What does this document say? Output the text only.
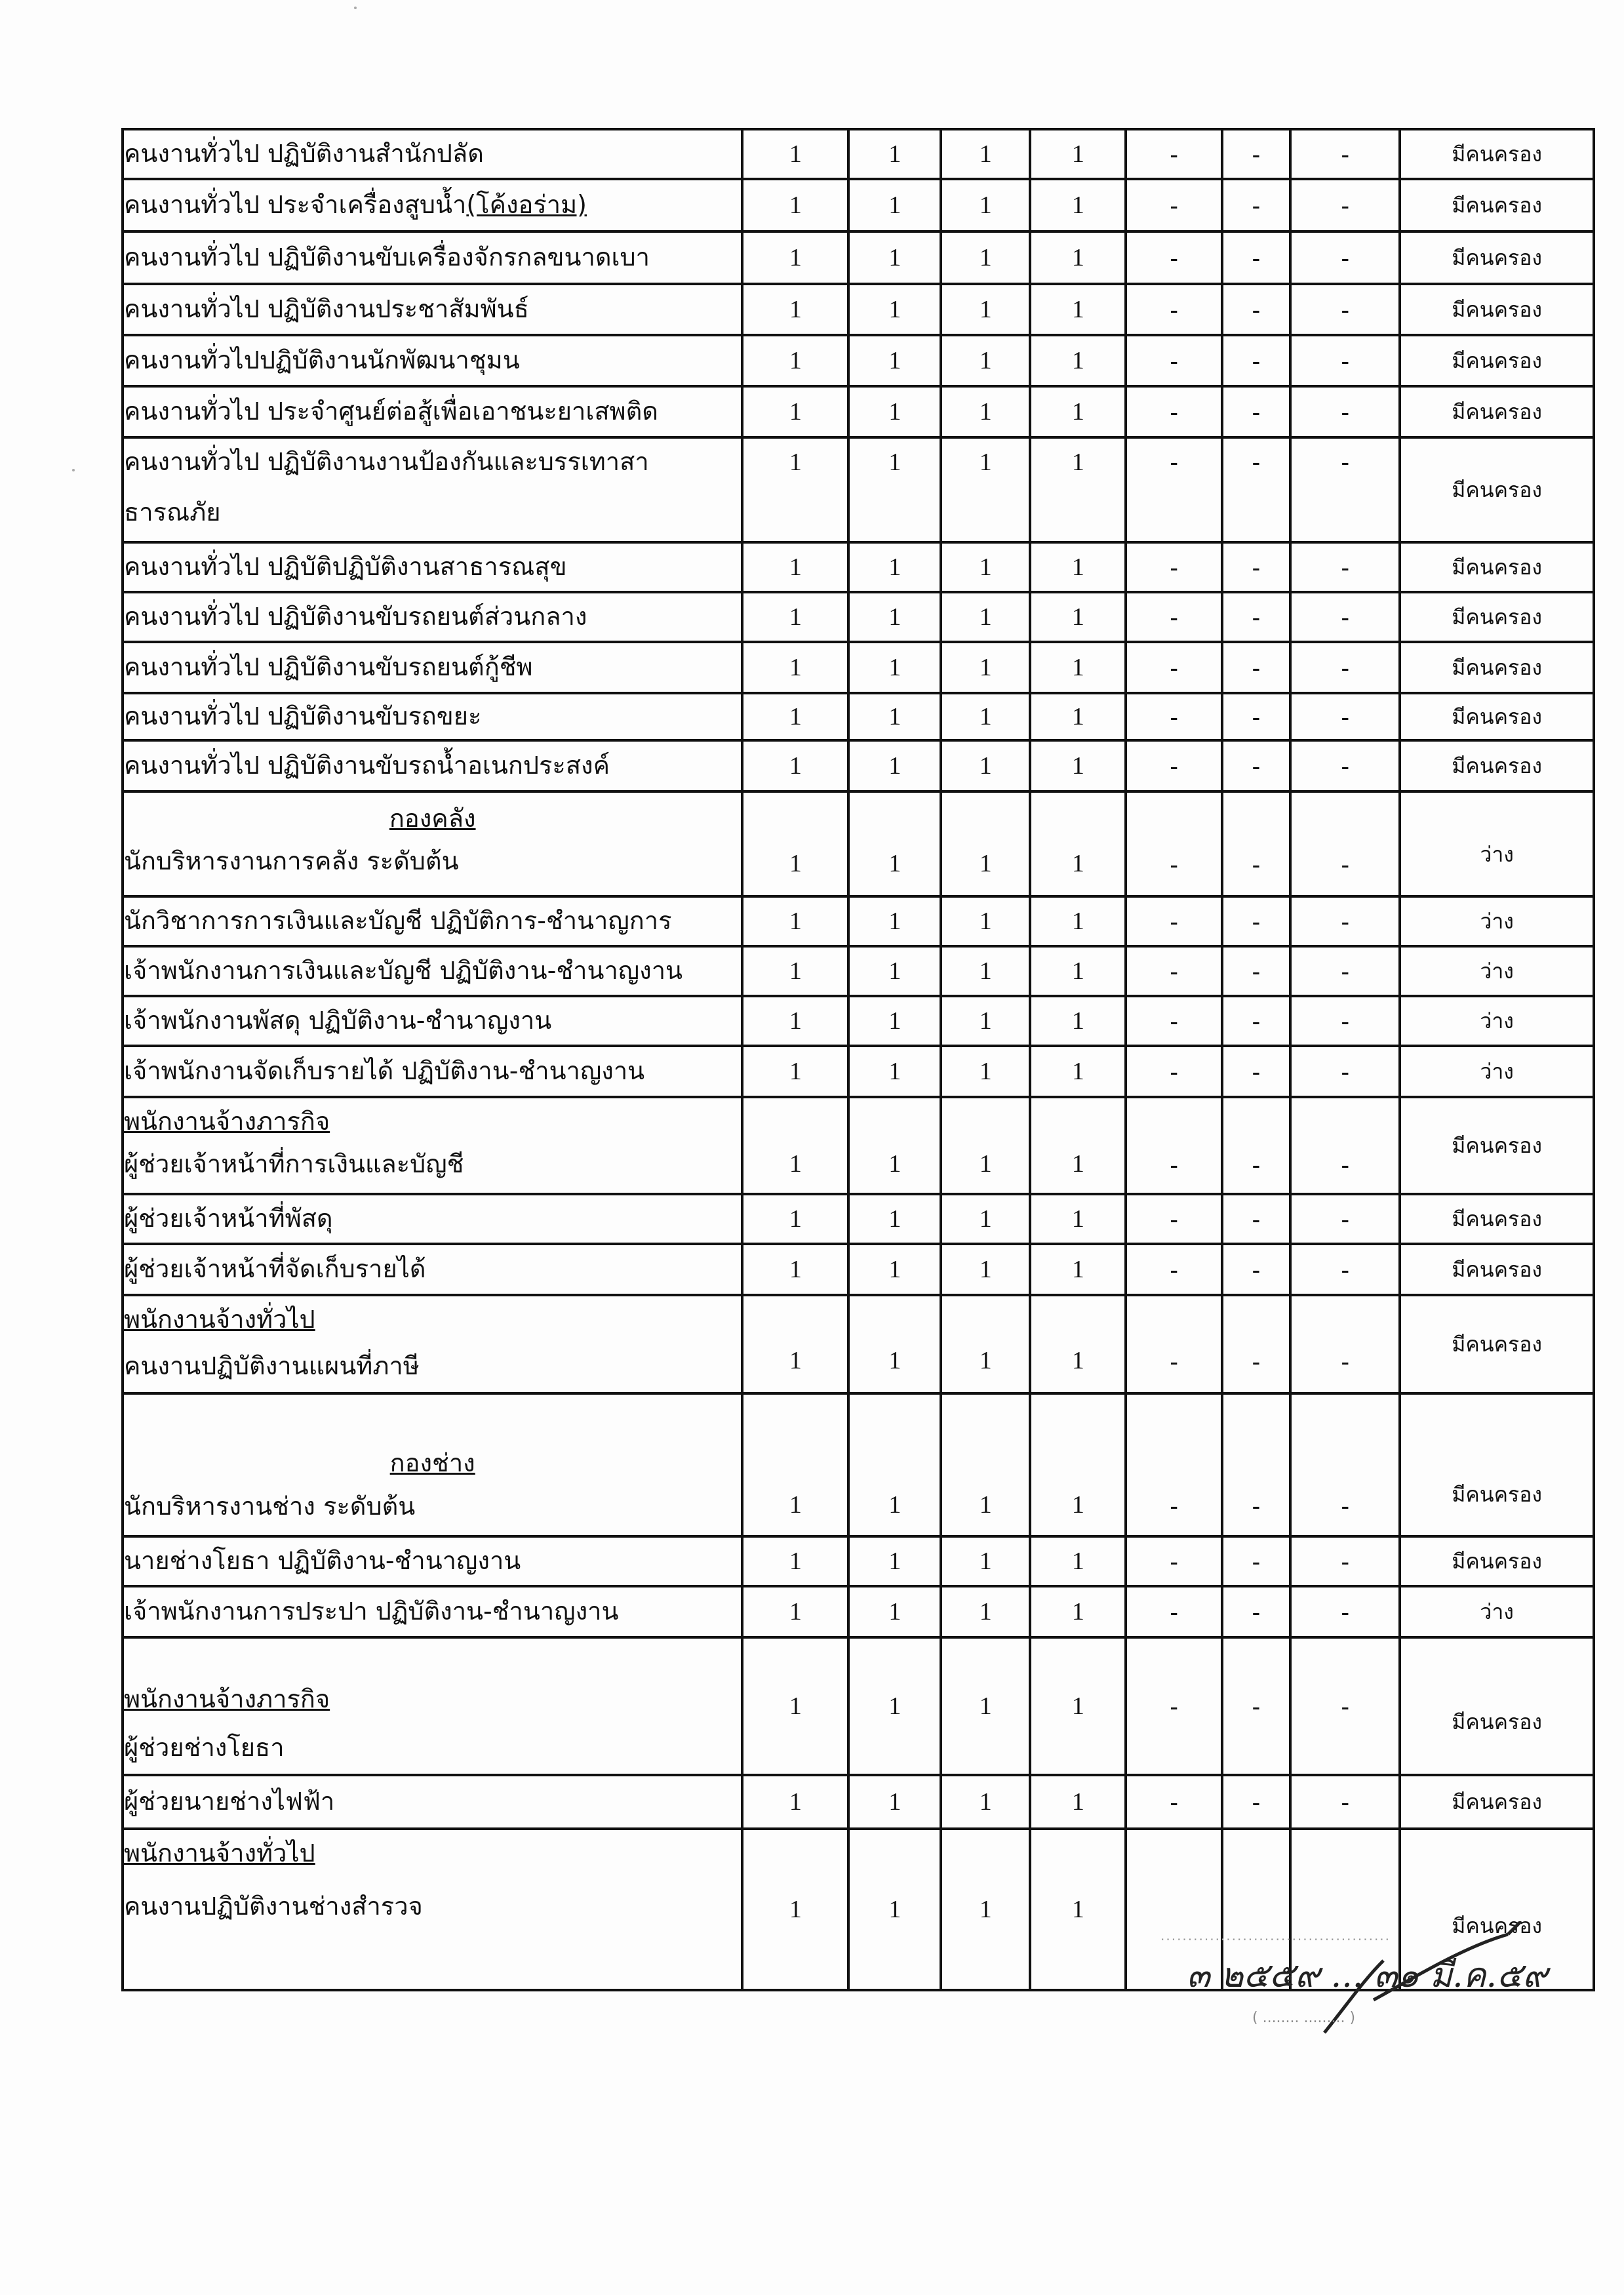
คนงานทั่วไป ปฏิบัติงานสำนักปลัด	1	1	1	1	-	-	-	มีคนครอง
คนงานทั่วไป ประจำเครื่องสูบน้ำ(โค้งอร่าม)	1	1	1	1	-	-	-	มีคนครอง
คนงานทั่วไป ปฏิบัติงานขับเครื่องจักรกลขนาดเบา	1	1	1	1	-	-	-	มีคนครอง
คนงานทั่วไป ปฏิบัติงานประชาสัมพันธ์	1	1	1	1	-	-	-	มีคนครอง
คนงานทั่วไปปฏิบัติงานนักพัฒนาชุมน	1	1	1	1	-	-	-	มีคนครอง
คนงานทั่วไป ประจำศูนย์ต่อสู้เพื่อเอาชนะยาเสพติด	1	1	1	1	-	-	-	มีคนครอง

คนงานทั่วไป ปฏิบัติงานงานป้องกันและบรรเทาสา
ธารณภัย	1	1	1	1	-	-	-	มีคนครอง
คนงานทั่วไป ปฏิบัติปฏิบัติงานสาธารณสุข	1	1	1	1	-	-	-	มีคนครอง
คนงานทั่วไป ปฏิบัติงานขับรถยนต์ส่วนกลาง	1	1	1	1	-	-	-	มีคนครอง
คนงานทั่วไป ปฏิบัติงานขับรถยนต์กู้ชีพ	1	1	1	1	-	-	-	มีคนครอง
คนงานทั่วไป ปฏิบัติงานขับรถขยะ	1	1	1	1	-	-	-	มีคนครอง
คนงานทั่วไป ปฏิบัติงานขับรถน้ำอเนกประสงค์	1	1	1	1	-	-	-	มีคนครอง

กองคลัง
นักบริหารงานการคลัง ระดับต้น	1	1	1	1	-	-	-	ว่าง
นักวิชาการการเงินและบัญชี ปฏิบัติการ-ชำนาญการ	1	1	1	1	-	-	-	ว่าง
เจ้าพนักงานการเงินและบัญชี ปฏิบัติงาน-ชำนาญงาน	1	1	1	1	-	-	-	ว่าง
เจ้าพนักงานพัสดุ ปฏิบัติงาน-ชำนาญงาน	1	1	1	1	-	-	-	ว่าง
เจ้าพนักงานจัดเก็บรายได้ ปฏิบัติงาน-ชำนาญงาน	1	1	1	1	-	-	-	ว่าง

พนักงานจ้างภารกิจ
ผู้ช่วยเจ้าหน้าที่การเงินและบัญชี	1	1	1	1	-	-	-	มีคนครอง
ผู้ช่วยเจ้าหน้าที่พัสดุ	1	1	1	1	-	-	-	มีคนครอง
ผู้ช่วยเจ้าหน้าที่จัดเก็บรายได้	1	1	1	1	-	-	-	มีคนครอง

พนักงานจ้างทั่วไป
คนงานปฏิบัติงานแผนที่ภาษี	1	1	1	1	-	-	-	มีคนครอง

กองช่าง
นักบริหารงานช่าง ระดับต้น	1	1	1	1	-	-	-	มีคนครอง
นายช่างโยธา ปฏิบัติงาน-ชำนาญงาน	1	1	1	1	-	-	-	มีคนครอง
เจ้าพนักงานการประปา ปฏิบัติงาน-ชำนาญงาน	1	1	1	1	-	-	-	ว่าง

พนักงานจ้างภารกิจ
ผู้ช่วยช่างโยธา	1	1	1	1	-	-	-	มีคนครอง
ผู้ช่วยนายช่างไฟฟ้า	1	1	1	1	-	-	-	มีคนครอง

พนักงานจ้างทั่วไป
คนงานปฏิบัติงานช่างสำรวจ	1	1	1	1				มีคนครอง
..........................................
๓ ๒๕๕๙ ... ๓๑ มี.ค.๕๙
( ........ ......... )
